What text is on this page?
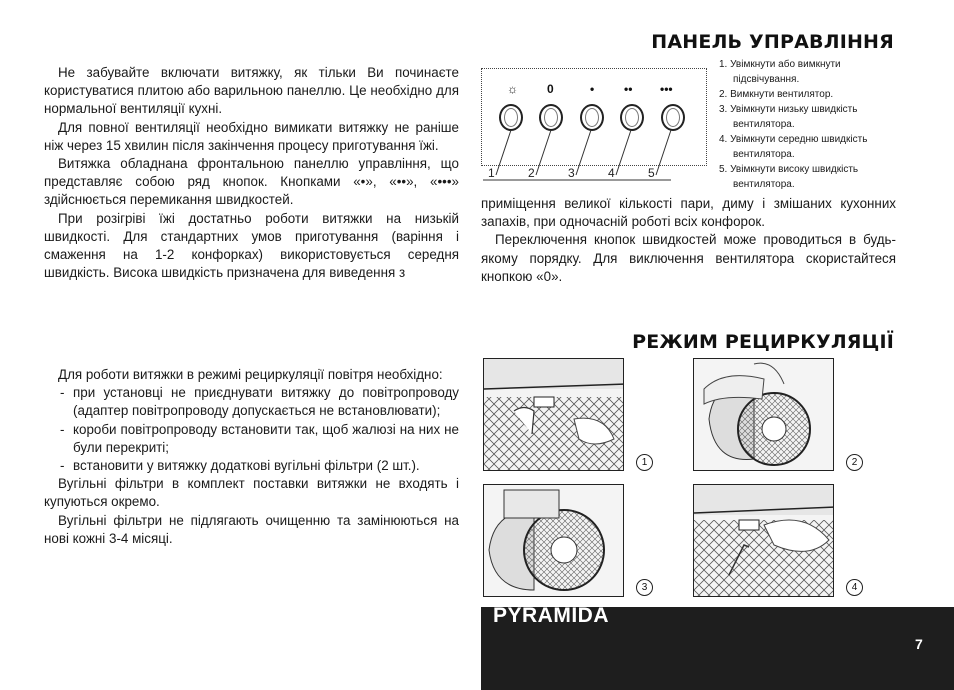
ПАНЕЛЬ УПРАВЛІННЯ
РЕЖИМ РЕЦИРКУЛЯЦІЇ

Не забувайте включати витяжку, як тільки Ви починаєте користуватися плитою або варильною панеллю. Це необхідно для нормальної вентиляції кухні.

Для повної вентиляції необхідно вимикати витяжку не раніше ніж через 15 хвилин після закінчення процесу приготування їжі.

Витяжка обладнана фронтальною панеллю управління, що представляє собою ряд кнопок. Кнопками «•», «••», «•••» здійснюється перемикання швидкостей.

При розігріві їжі достатньо роботи витяжки на низькій швидкості. Для стандартних умов приготування (варіння і смаження на 1-2 конфорках) використовується середня швидкість. Висока швидкість призначена для виведення з

☼ 0	• •• •••
1	2	3	4	5
1. Увімкнути або вимкнути підсвічування.
2. Вимкнути вентилятор.
3. Увімкнути низьку швидкість вентилятора.
4. Увімкнути середню швидкість вентилятора.
5. Увімкнути високу швидкість вентилятора.

приміщення великої кількості пари, диму і змішаних кухонних запахів, при одночасній роботі всіх конфорок.

Переключення кнопок швидкостей може проводиться в будь-якому порядку. Для виключення вентилятора скористайтеся кнопкою «0».

Для роботи витяжки в режимі рециркуляції повітря необхідно:

- при установці не приєднувати витяжку до повітропроводу (адаптер повітропроводу допускається не встановлювати);
- короби повітропроводу встановити так, щоб жалюзі на них не були перекриті;
- встановити у витяжку додаткові вугільні фільтри (2 шт.).

Вугільні фільтри в комплект поставки витяжки не входять і купуються окремо.

Вугільні фільтри не підлягають очищенню та замінюються на нові кожні 3-4 місяці.

1	2
3	4
PYRAMIDA
7
